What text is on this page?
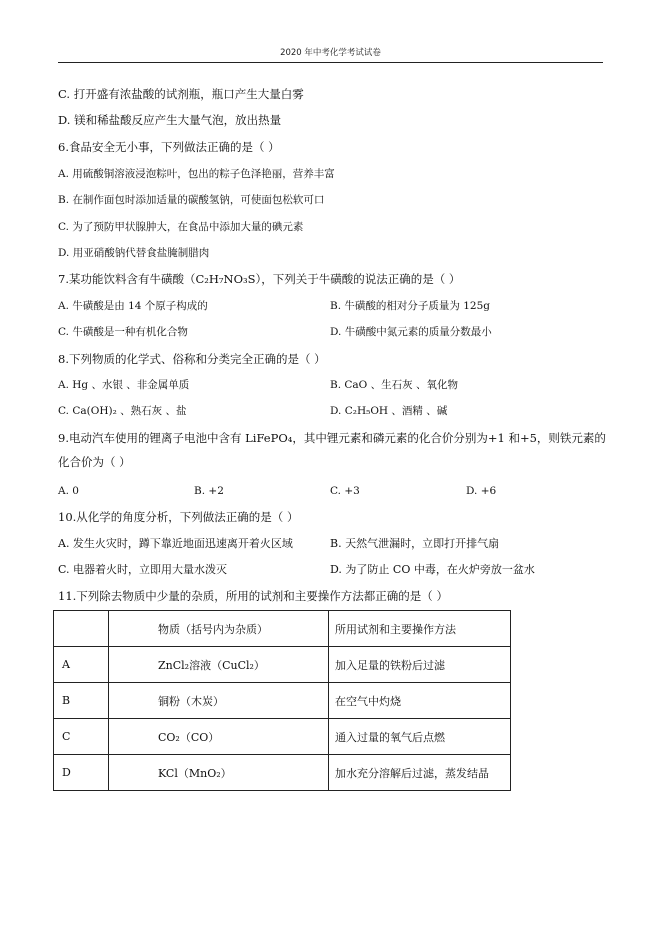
2020 年中考化学考试试卷
C. 打开盛有浓盐酸的试剂瓶，瓶口产生大量白雾
D. 镁和稀盐酸反应产生大量气泡，放出热量
6.食品安全无小事，下列做法正确的是（ ）
A. 用硫酸铜溶液浸泡粽叶，包出的粽子色泽艳丽，营养丰富
B. 在制作面包时添加适量的碳酸氢钠，可使面包松软可口
C. 为了预防甲状腺肿大，在食品中添加大量的碘元素
D. 用亚硝酸钠代替食盐腌制腊肉
7.某功能饮料含有牛磺酸（C₂H₇NO₃S），下列关于牛磺酸的说法正确的是（ ）
A. 牛磺酸是由 14 个原子构成的	B. 牛磺酸的相对分子质量为 125g
C. 牛磺酸是一种有机化合物	D. 牛磺酸中氮元素的质量分数最小
8.下列物质的化学式、俗称和分类完全正确的是（ ）
A. Hg 、水银 、非金属单质	B. CaO 、生石灰 、氧化物
C. Ca(OH)₂ 、熟石灰 、盐	D. C₂H₅OH 、酒精 、碱
9.电动汽车使用的锂离子电池中含有 LiFePO₄，其中锂元素和磷元素的化合价分别为+1 和+5，则铁元素的化合价为（ ）
A. 0	B. +2	C. +3	D. +6
10.从化学的角度分析，下列做法正确的是（ ）
A. 发生火灾时，蹲下靠近地面迅速离开着火区域	B. 天然气泄漏时，立即打开排气扇
C. 电器着火时，立即用大量水泼灭	D. 为了防止 CO 中毒，在火炉旁放一盆水
11.下列除去物质中少量的杂质，所用的试剂和主要操作方法都正确的是（ ）
	物质（括号内为杂质）	所用试剂和主要操作方法
A	ZnCl₂溶液（CuCl₂）	加入足量的铁粉后过滤
B	铜粉（木炭）	在空气中灼烧
C	CO₂（CO）	通入过量的氧气后点燃
D	KCl（MnO₂）	加水充分溶解后过滤，蒸发结晶
